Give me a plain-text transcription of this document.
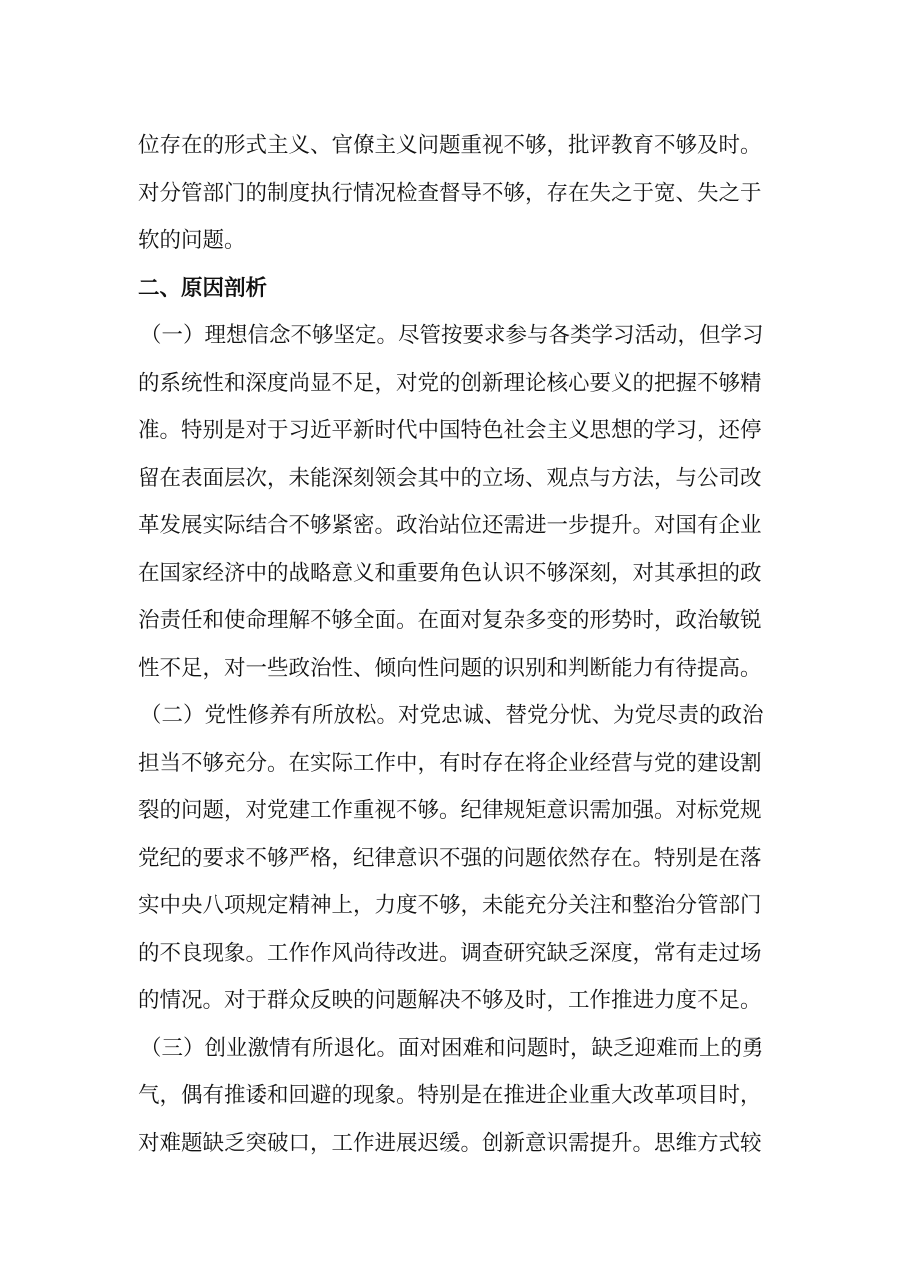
位存在的形式主义、官僚主义问题重视不够，批评教育不够及时。
对分管部门的制度执行情况检查督导不够，存在失之于宽、失之于
软的问题。
二、原因剖析
（一）理想信念不够坚定。尽管按要求参与各类学习活动，但学习
的系统性和深度尚显不足，对党的创新理论核心要义的把握不够精
准。特别是对于习近平新时代中国特色社会主义思想的学习，还停
留在表面层次，未能深刻领会其中的立场、观点与方法，与公司改
革发展实际结合不够紧密。政治站位还需进一步提升。对国有企业
在国家经济中的战略意义和重要角色认识不够深刻，对其承担的政
治责任和使命理解不够全面。在面对复杂多变的形势时，政治敏锐
性不足，对一些政治性、倾向性问题的识别和判断能力有待提高。
（二）党性修养有所放松。对党忠诚、替党分忧、为党尽责的政治
担当不够充分。在实际工作中，有时存在将企业经营与党的建设割
裂的问题，对党建工作重视不够。纪律规矩意识需加强。对标党规
党纪的要求不够严格，纪律意识不强的问题依然存在。特别是在落
实中央八项规定精神上，力度不够，未能充分关注和整治分管部门
的不良现象。工作作风尚待改进。调查研究缺乏深度，常有走过场
的情况。对于群众反映的问题解决不够及时，工作推进力度不足。
（三）创业激情有所退化。面对困难和问题时，缺乏迎难而上的勇
气，偶有推诿和回避的现象。特别是在推进企业重大改革项目时，
对难题缺乏突破口，工作进展迟缓。创新意识需提升。思维方式较
